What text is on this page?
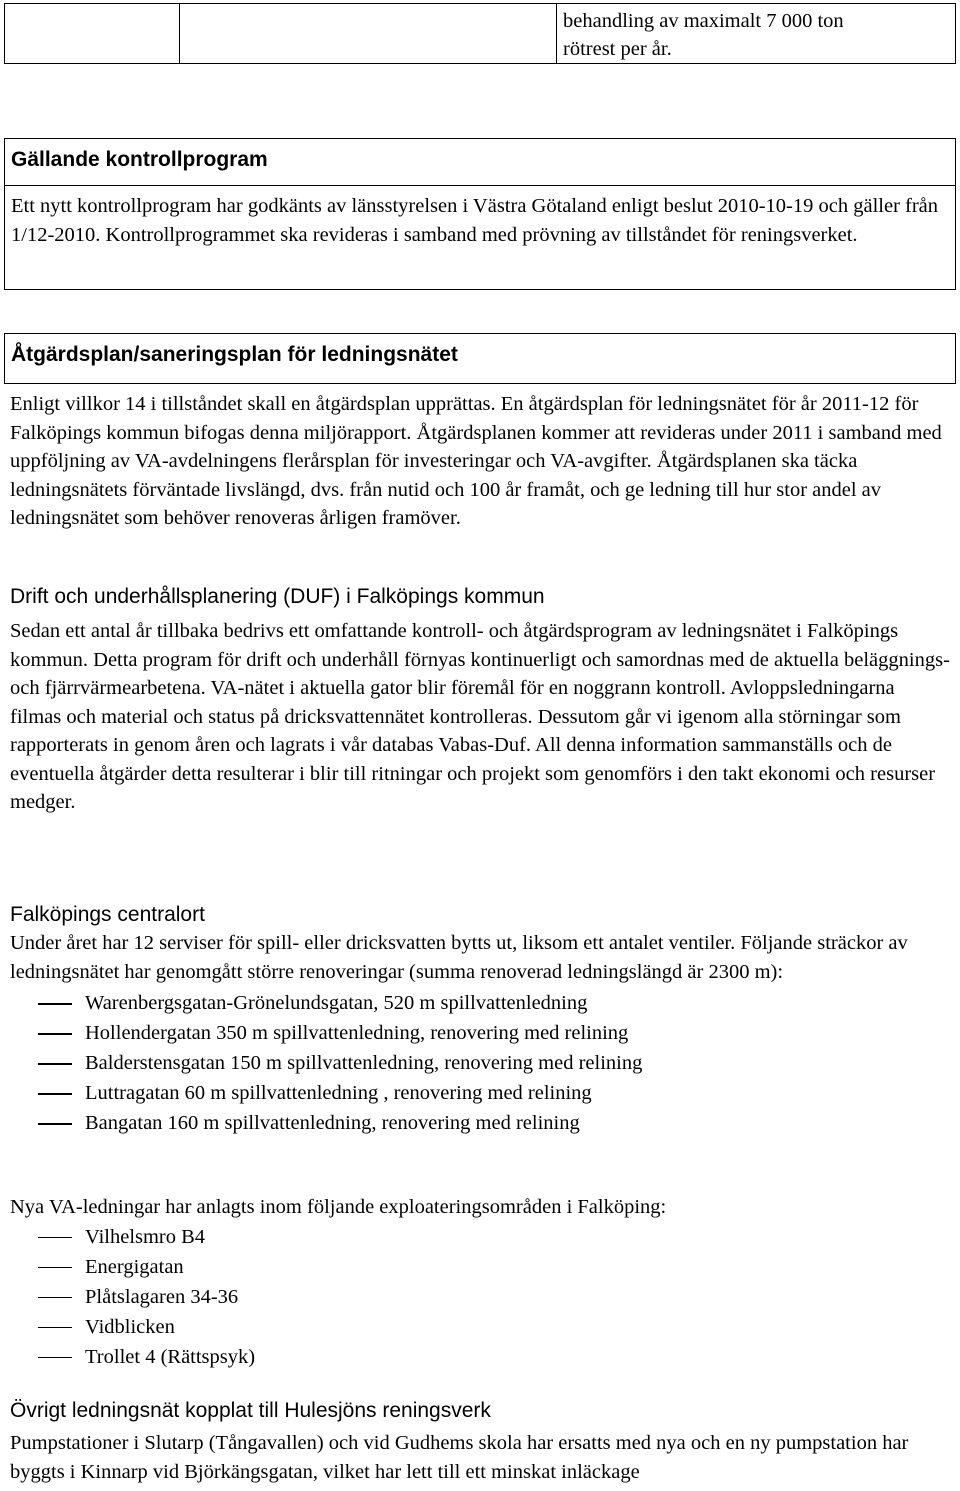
behandling av maximalt 7 000 ton
rötrest per år.
Gällande kontrollprogram
Ett nytt kontrollprogram har godkänts av länsstyrelsen i Västra Götaland enligt beslut 2010-10-19 och gäller från 1/12-2010. Kontrollprogrammet ska revideras i samband med prövning av tillståndet för reningsverket.
Åtgärdsplan/saneringsplan för ledningsnätet
Enligt villkor 14 i tillståndet skall en åtgärdsplan upprättas. En åtgärdsplan för ledningsnätet för år 2011-12 för Falköpings kommun bifogas denna miljörapport. Åtgärdsplanen kommer att revideras under 2011 i samband med uppföljning av VA-avdelningens flerårsplan för investeringar och VA-avgifter. Åtgärdsplanen ska täcka ledningsnätets förväntade livslängd, dvs. från nutid och 100 år framåt, och ge ledning till hur stor andel av ledningsnätet som behöver renoveras årligen framöver.
Drift och underhållsplanering (DUF) i Falköpings kommun

Sedan ett antal år tillbaka bedrivs ett omfattande kontroll- och åtgärdsprogram av ledningsnätet i Falköpings kommun. Detta program för drift och underhåll förnyas kontinuerligt och samordnas med de aktuella beläggnings- och fjärrvärmearbetena. VA-nätet i aktuella gator blir föremål för en noggrann kontroll. Avloppsledningarna filmas och material och status på dricksvattennätet kontrolleras. Dessutom går vi igenom alla störningar som rapporterats in genom åren och lagrats i vår databas Vabas-Duf. All denna information sammanställs och de eventuella åtgärder detta resulterar i blir till ritningar och projekt som genomförs i den takt ekonomi och resurser medger.

Falköpings centralort

Under året har 12 serviser för spill- eller dricksvatten bytts ut, liksom ett antalet ventiler. Följande sträckor av ledningsnätet har genomgått större renoveringar (summa renoverad ledningslängd är 2300 m):

Warenbergsgatan-Grönelundsgatan, 520 m spillvattenledning
Hollendergatan 350 m spillvattenledning, renovering med relining
Balderstensgatan 150 m spillvattenledning, renovering med relining
Luttragatan 60 m spillvattenledning , renovering med relining
Bangatan 160 m spillvattenledning, renovering med relining

Nya VA-ledningar har anlagts inom följande exploateringsområden i Falköping:

Vilhelsmro B4
Energigatan
Plåtslagaren 34-36
Vidblicken
Trollet 4 (Rättspsyk)
Övrigt ledningsnät kopplat till Hulesjöns reningsverk

Pumpstationer i Slutarp (Tångavallen) och vid Gudhems skola har ersatts med nya och en ny pumpstation har byggts i Kinnarp vid Björkängsgatan, vilket har lett till ett minskat inläckage
